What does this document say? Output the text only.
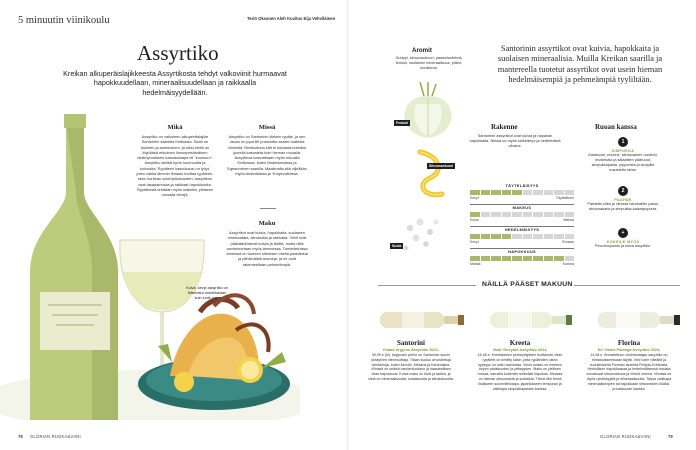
5 minuutin viinikoulu	Teriö Oksanen Aleh Kuvitus Eija Vehviläinen
Assyrtiko
Kreikan alkuperäislajikkeesta Assyrtikosta tehdyt valkoviinit hurmaavat hapokkuudellaan, mineraalisuudellaan ja raikkaalla hedelmäisyydellään.
Kuiva, kevyt assyrtiko on friteeratut mustekalaan kuin luotu pari.
Mikä
Assyrtiko on valkoinen alkuperäislajike Santorinin saarelta Kreikasta. Saari on tuulinen ja aurinkoinen, ja siksi sieltä on löytötäsä erikoinen linnunpesämäinen viiniköynnöksen kasvatustapa eli "koulouro". Assyrtiko sietää hyvin kuumuutta ja kuivuutta. Rypäleen kasvukausi on lyhyt, joten vakka lämmin ilmasto tuottaa rypäleenseen korkean sokeripitoisuuden, assyrtikon osat tasapainossa ja raikkaat hapokkuutta. Rypäleestä tehdään myös makeita, yleiseen runsaita viinejä.
Missä
Assyrtiko on Santorinin tärkein rypäle, ja sen osuus on jopa 80 prosenttia saaren kaikista viineistä. Nimikoituna sitä ei kuivasta koteista juurella kasvateta kuin hieman muualla. Assyrtikoa kasvatetaan myös muualla Kreikassa, kuten Makedoniassa ja Egeanmeren saarilla. Maailmalla sitä viljellään myös Australiassa ja Yhdysvalloissa.
Maku
Assyrtikot ovat kuivia, hapokkaita, suolaisen mineraalisia, sitruksisia ja raikkaita. Viinit ovat pääsääntöisesti kuivia ja tiiviitä, mutta niitä vanhennetaan myös tammessa. Tammitetuissa viineissä on tuoreen sitruksen ohella paahteisia ja pähkinäisiä aromeja, ja ne ovat rakenteeltaan pehmeämpiä.
78 GLORIAN RUOKA&VIINI
Santorinin assyrtikot ovat kuivia, hapokkaita ja suolaisen mineraalisia. Muilla Kreikan saarilla ja mantereella tuotetut assyrtikot ovat usein hieman hedelmäisempiä ja pehmeämpiä tyyliltään.
Aromit
Greippi, sitruunankuori, paasiohedelmä, fenkoli, suolainen mineraalisuus, piikivi, kuusiema.
Fenkoli
Sitruunankuori
Suola
Rakenne
Santorinin assyrtikot ovat kuivia ja napakan hapokkaita. Niissä on myös selkeämpi ja hedelmäisä viivaus.
TÄYTELÄISYYS
Kevyt	Täyteläinen
MAKEUS
Kuiva	Makea
HEDELMÄISYYS
Kevyt	Runsas
HAPOKKUUS
Matala	Korkea
Ruoan kanssa
1
SIMPUKKA
Kalaruoat, ceviche, sitruunainen uunilohi, mustekala ja salaattien pääruoat, simpukkapasta, pippurista ja sinapilla maustettu tartar.
2
PAAHDE
Paistettu siika ja viinissä haudutettu pasta, sitruunakana ja simpukka-kalarapupizza.
+
KOKEILE MYÖS
Pecorinojuusto ja kuiva assyrtiko.
NÄILLÄ PÄÄSET MAKUUN
Santorini
Estate Argyros Assyrtiko 2023,
39,99 e (hi). Argyrosin perhe on Santorinin suurin yksityinen viinintuottaja. Tilaan kuuluu arvostettuja viinitarhoja, kuten Akrotiri, Mesaria ja Kartenakos. Viinissä on selkeä hanhentuoksun ja haasteellisen rikas hapokkuus. Kuiva maku on tiivis ja tarkka, ja siinä on mineraalisuutta, suolaisuutta ja sitruksisuutta.
Kreeta
Vidal Vineyard Assyrtiko 2023,
16,48 e. Kreetalainen perheyrityksen tuottaman viinin rypäleet on kerätty käsin, jotta rypäleiden oikea kypsyys on voitu varmistaa. Viinin tuoksu on mieleen keyen päriskuuden ja yrttisyyden. Maku on ylellisen runsas, sarnalla kuitenkin selkeästi hapokas. Maussa on hieman sitruunaista ja suolaista. Tämä viini toimii lisäkseen suunnittelutapa, japanilaiseen tempuran ja valkkapa simpukkapastan kanssa.
Florina
Kir-Yianni Paranga Assyrtiko 2024,
14,98 e. Arvostettuun viinintuottajan assyrtiko on hintatuokseessaan täyttä. Viini tulee viileältä ja vuoristoiselta Florinan alueelta Pohjois-Kreikasta. Herkullisen hapokkaassa ja hedelmällisessä mausta korostuvat sitruunaisuus ja vihreä omena. Viinissä on myös ryhdikkyyttä ja mineraalisuutta. Tarjoa valkkapa mineraalisimpien tai hapokkaan vihannesten lisäksi, ja kalaruoan kanssa.
GLORIAN RUOKA&VIINI	79
